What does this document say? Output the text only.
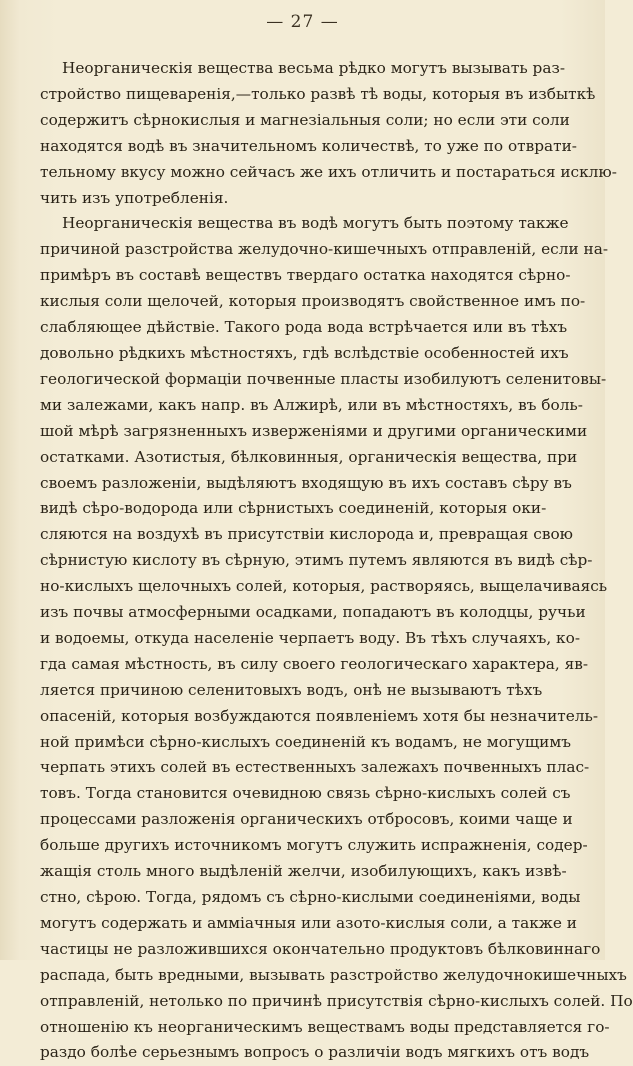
— 27 —
Неорганическія вещества весьма рѣдко могутъ вызывать раз-
стройство пищеваренія,—только развѣ тѣ воды, которыя въ избыткѣ
содержитъ сѣрнокислыя и магнезіальныя соли; но если эти соли
находятся водѣ въ значительномъ количествѣ, то уже по отврати-
тельному вкусу можно сейчасъ же ихъ отличить и постараться исклю-
чить изъ употребленія.
Неорганическія вещества въ водѣ могутъ быть поэтому также
причиной разстройства желудочно-кишечныхъ отправленій, если на-
примѣръ въ составѣ веществъ твердаго остатка находятся сѣрно-
кислыя соли щелочей, которыя производятъ свойственное имъ по-
слабляющее дѣйствіе. Такого рода вода встрѣчается или въ тѣхъ
довольно рѣдкихъ мѣстностяхъ, гдѣ вслѣдствіе особенностей ихъ
геологической формаціи почвенные пласты изобилуютъ селенитовы-
ми залежами, какъ напр. въ Алжирѣ, или въ мѣстностяхъ, въ боль-
шой мѣрѣ загрязненныхъ изверженіями и другими органическими
остатками. Азотистыя, бѣлковинныя, органическія вещества, при
своемъ разложеніи, выдѣляютъ входящую въ ихъ составъ сѣру въ
видѣ сѣро-водорода или сѣрнистыхъ соединеній, которыя оки-
сляются на воздухѣ въ присутствіи кислорода и, превращая свою
сѣрнистую кислоту въ сѣрную, этимъ путемъ являются въ видѣ сѣр-
но-кислыхъ щелочныхъ солей, которыя, растворяясь, выщелачиваясь
изъ почвы атмосферными осадками, попадаютъ въ колодцы, ручьи
и водоемы, откуда населеніе черпаетъ воду. Въ тѣхъ случаяхъ, ко-
гда самая мѣстность, въ силу своего геологическаго характера, яв-
ляется причиною селенитовыхъ водъ, онѣ не вызываютъ тѣхъ
опасеній, которыя возбуждаются появленіемъ хотя бы незначитель-
ной примѣси сѣрно-кислыхъ соединеній къ водамъ, не могущимъ
черпать этихъ солей въ естественныхъ залежахъ почвенныхъ плас-
товъ. Тогда становится очевидною связь сѣрно-кислыхъ солей съ
процессами разложенія органическихъ отбросовъ, коими чаще и
больше другихъ источникомъ могутъ служить испражненія, содер-
жащія столь много выдѣленій желчи, изобилующихъ, какъ извѣ-
стно, сѣрою. Тогда, рядомъ съ сѣрно-кислыми соединеніями, воды
могутъ содержать и амміачныя или азото-кислыя соли, а также и
частицы не разложившихся окончательно продуктовъ бѣлковиннаго
распада, быть вредными, вызывать разстройство желудочнокишечныхъ
отправленій, нетолько по причинѣ присутствія сѣрно-кислыхъ солей. По
отношенію къ неорганическимъ веществамъ воды представляется го-
раздо болѣе серьезнымъ вопросъ о различіи водъ мягкихъ отъ водъ
